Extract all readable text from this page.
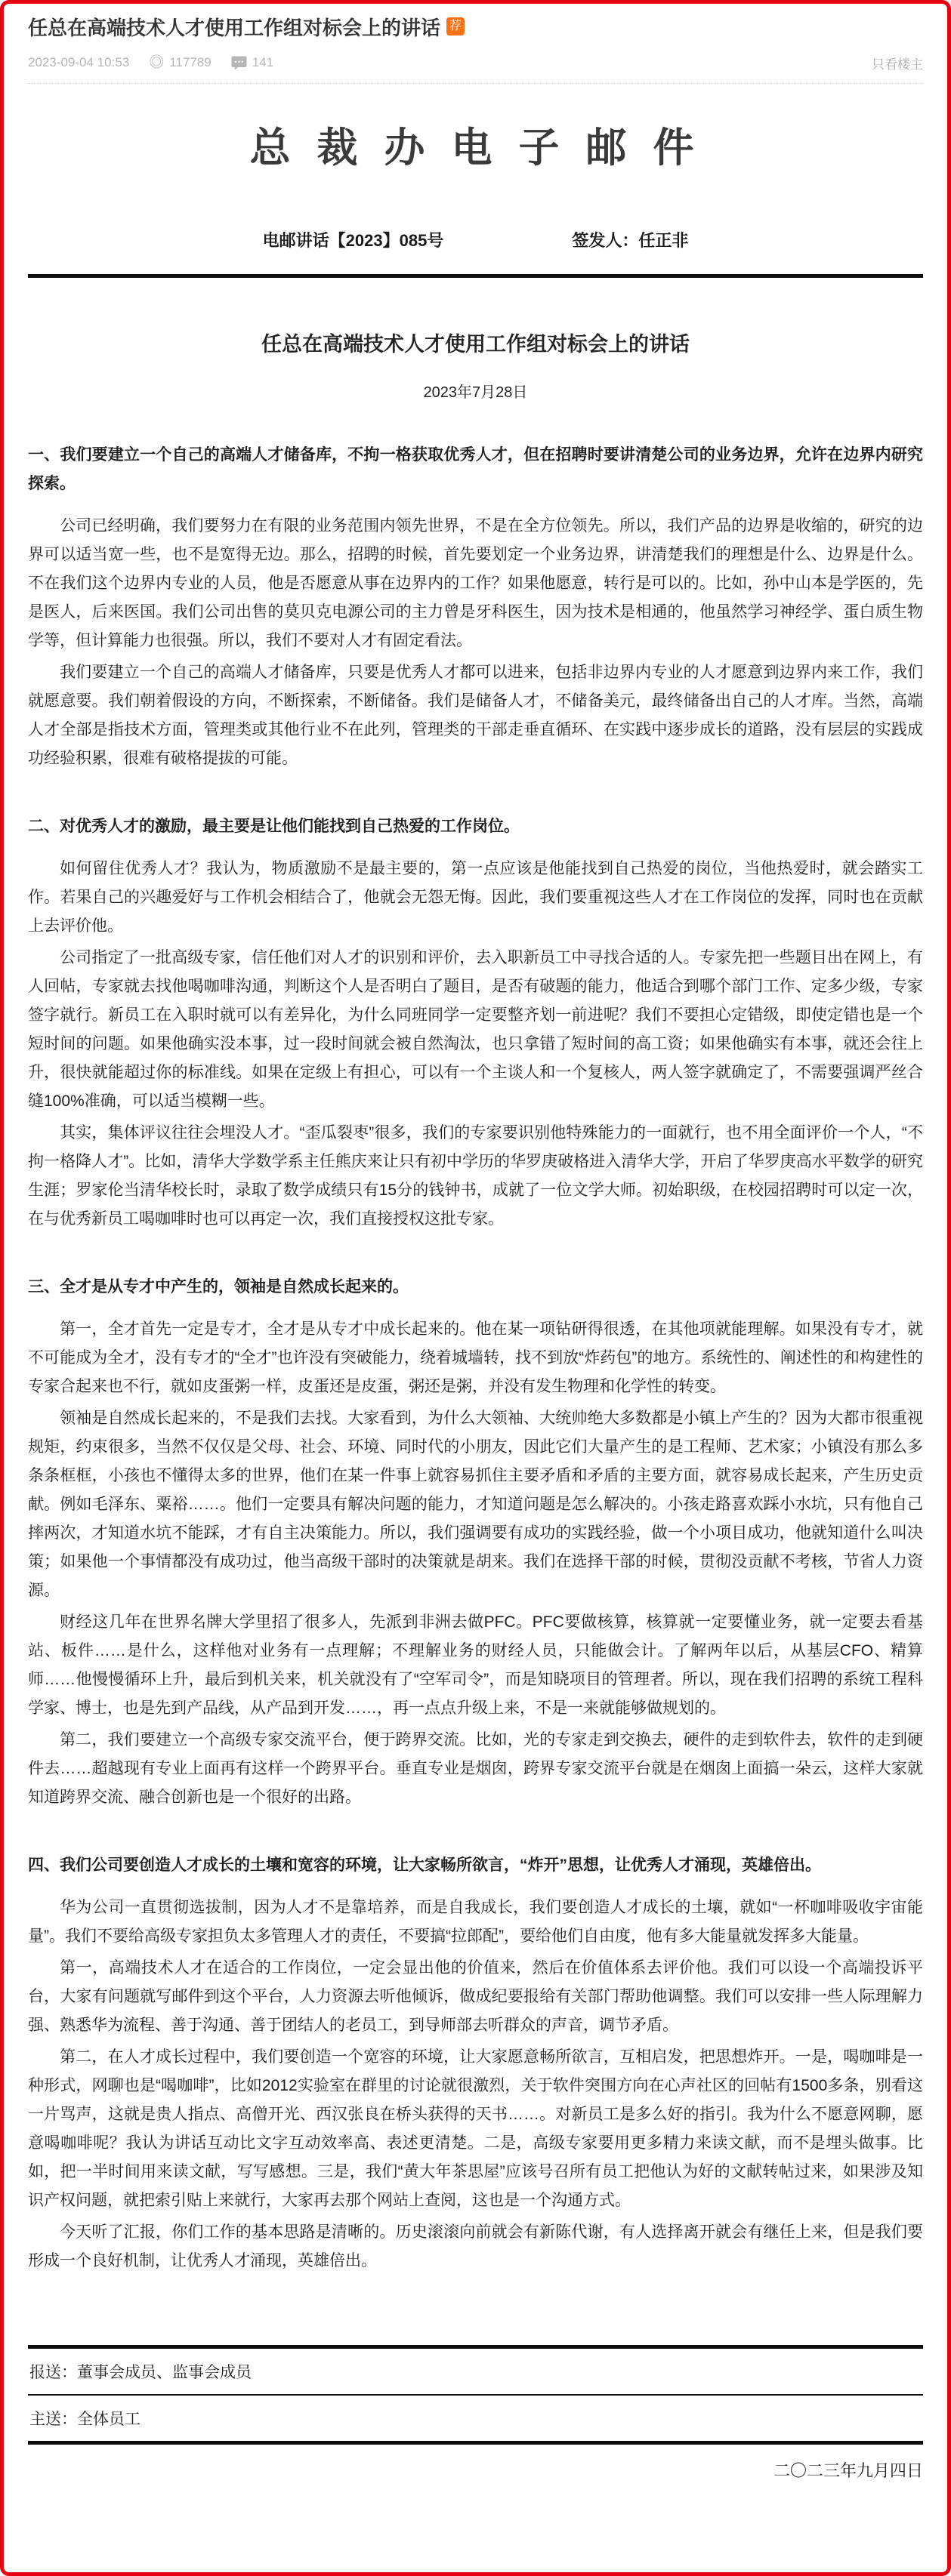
任总在高端技术人才使用工作组对标会上的讲话 荐
2023-09-04 10:53 ◎ 117789	141	只看楼主
总 裁 办 电 子 邮 件
电邮讲话【2023】085号	签发人：任正非
任总在高端技术人才使用工作组对标会上的讲话
2023年7月28日

一、我们要建立一个自己的高端人才储备库，不拘一格获取优秀人才，但在招聘时要讲清楚公司的业务边界，允许在边界内研究探索。

公司已经明确，我们要努力在有限的业务范围内领先世界，不是在全方位领先。所以，我们产品的边界是收缩的，研究的边界可以适当宽一些，也不是宽得无边。那么，招聘的时候，首先要划定一个业务边界，讲清楚我们的理想是什么、边界是什么。不在我们这个边界内专业的人员，他是否愿意从事在边界内的工作？如果他愿意，转行是可以的。比如，孙中山本是学医的，先是医人，后来医国。我们公司出售的莫贝克电源公司的主力曾是牙科医生，因为技术是相通的，他虽然学习神经学、蛋白质生物学等，但计算能力也很强。所以，我们不要对人才有固定看法。

我们要建立一个自己的高端人才储备库，只要是优秀人才都可以进来，包括非边界内专业的人才愿意到边界内来工作，我们就愿意要。我们朝着假设的方向，不断探索，不断储备。我们是储备人才，不储备美元，最终储备出自己的人才库。当然，高端人才全部是指技术方面，管理类或其他行业不在此列，管理类的干部走垂直循环、在实践中逐步成长的道路，没有层层的实践成功经验积累，很难有破格提拔的可能。

二、对优秀人才的激励，最主要是让他们能找到自己热爱的工作岗位。

如何留住优秀人才？我认为，物质激励不是最主要的，第一点应该是他能找到自己热爱的岗位，当他热爱时，就会踏实工作。若果自己的兴趣爱好与工作机会相结合了，他就会无怨无悔。因此，我们要重视这些人才在工作岗位的发挥，同时也在贡献上去评价他。

公司指定了一批高级专家，信任他们对人才的识别和评价，去入职新员工中寻找合适的人。专家先把一些题目出在网上，有人回帖，专家就去找他喝咖啡沟通，判断这个人是否明白了题目，是否有破题的能力，他适合到哪个部门工作、定多少级，专家签字就行。新员工在入职时就可以有差异化，为什么同班同学一定要整齐划一前进呢？我们不要担心定错级，即使定错也是一个短时间的问题。如果他确实没本事，过一段时间就会被自然淘汰，也只拿错了短时间的高工资；如果他确实有本事，就还会往上升，很快就能超过你的标准线。如果在定级上有担心，可以有一个主谈人和一个复核人，两人签字就确定了，不需要强调严丝合缝100%准确，可以适当模糊一些。

其实，集体评议往往会埋没人才。“歪瓜裂枣”很多，我们的专家要识别他特殊能力的一面就行，也不用全面评价一个人，“不拘一格降人才”。比如，清华大学数学系主任熊庆来让只有初中学历的华罗庚破格进入清华大学，开启了华罗庚高水平数学的研究生涯；罗家伦当清华校长时，录取了数学成绩只有15分的钱钟书，成就了一位文学大师。初始职级，在校园招聘时可以定一次，在与优秀新员工喝咖啡时也可以再定一次，我们直接授权这批专家。

三、全才是从专才中产生的，领袖是自然成长起来的。

第一，全才首先一定是专才，全才是从专才中成长起来的。他在某一项钻研得很透，在其他项就能理解。如果没有专才，就不可能成为全才，没有专才的“全才”也许没有突破能力，绕着城墙转，找不到放“炸药包”的地方。系统性的、阐述性的和构建性的专家合起来也不行，就如皮蛋粥一样，皮蛋还是皮蛋，粥还是粥，并没有发生物理和化学性的转变。

领袖是自然成长起来的，不是我们去找。大家看到，为什么大领袖、大统帅绝大多数都是小镇上产生的？因为大都市很重视规矩，约束很多，当然不仅仅是父母、社会、环境、同时代的小朋友，因此它们大量产生的是工程师、艺术家；小镇没有那么多条条框框，小孩也不懂得太多的世界，他们在某一件事上就容易抓住主要矛盾和矛盾的主要方面，就容易成长起来，产生历史贡献。例如毛泽东、粟裕……。他们一定要具有解决问题的能力，才知道问题是怎么解决的。小孩走路喜欢踩小水坑，只有他自己摔两次，才知道水坑不能踩，才有自主决策能力。所以，我们强调要有成功的实践经验，做一个小项目成功，他就知道什么叫决策；如果他一个事情都没有成功过，他当高级干部时的决策就是胡来。我们在选择干部的时候，贯彻没贡献不考核，节省人力资源。

财经这几年在世界名牌大学里招了很多人，先派到非洲去做PFC。PFC要做核算，核算就一定要懂业务，就一定要去看基站、板件……是什么，这样他对业务有一点理解；不理解业务的财经人员，只能做会计。了解两年以后，从基层CFO、精算师……他慢慢循环上升，最后到机关来，机关就没有了“空军司令”，而是知晓项目的管理者。所以，现在我们招聘的系统工程科学家、博士，也是先到产品线，从产品到开发……，再一点点升级上来，不是一来就能够做规划的。

第二，我们要建立一个高级专家交流平台，便于跨界交流。比如，光的专家走到交换去，硬件的走到软件去，软件的走到硬件去……超越现有专业上面再有这样一个跨界平台。垂直专业是烟囱，跨界专家交流平台就是在烟囱上面搞一朵云，这样大家就知道跨界交流、融合创新也是一个很好的出路。

四、我们公司要创造人才成长的土壤和宽容的环境，让大家畅所欲言，“炸开”思想，让优秀人才涌现，英雄倍出。

华为公司一直贯彻选拔制，因为人才不是靠培养，而是自我成长，我们要创造人才成长的土壤，就如“一杯咖啡吸收宇宙能量”。我们不要给高级专家担负太多管理人才的责任，不要搞“拉郎配”，要给他们自由度，他有多大能量就发挥多大能量。

第一，高端技术人才在适合的工作岗位，一定会显出他的价值来，然后在价值体系去评价他。我们可以设一个高端投诉平台，大家有问题就写邮件到这个平台，人力资源去听他倾诉，做成纪要报给有关部门帮助他调整。我们可以安排一些人际理解力强、熟悉华为流程、善于沟通、善于团结人的老员工，到导师部去听群众的声音，调节矛盾。

第二，在人才成长过程中，我们要创造一个宽容的环境，让大家愿意畅所欲言，互相启发，把思想炸开。一是，喝咖啡是一种形式，网聊也是“喝咖啡”，比如2012实验室在群里的讨论就很激烈，关于软件突围方向在心声社区的回帖有1500多条，别看这一片骂声，这就是贵人指点、高僧开光、西汉张良在桥头获得的天书……。对新员工是多么好的指引。我为什么不愿意网聊，愿意喝咖啡呢？我认为讲话互动比文字互动效率高、表述更清楚。二是，高级专家要用更多精力来读文献，而不是埋头做事。比如，把一半时间用来读文献，写写感想。三是，我们“黄大年茶思屋”应该号召所有员工把他认为好的文献转帖过来，如果涉及知识产权问题，就把索引贴上来就行，大家再去那个网站上查阅，这也是一个沟通方式。

今天听了汇报，你们工作的基本思路是清晰的。历史滚滚向前就会有新陈代谢，有人选择离开就会有继任上来，但是我们要形成一个良好机制，让优秀人才涌现，英雄倍出。

报送：董事会成员、监事会成员
主送：全体员工
二〇二三年九月四日
